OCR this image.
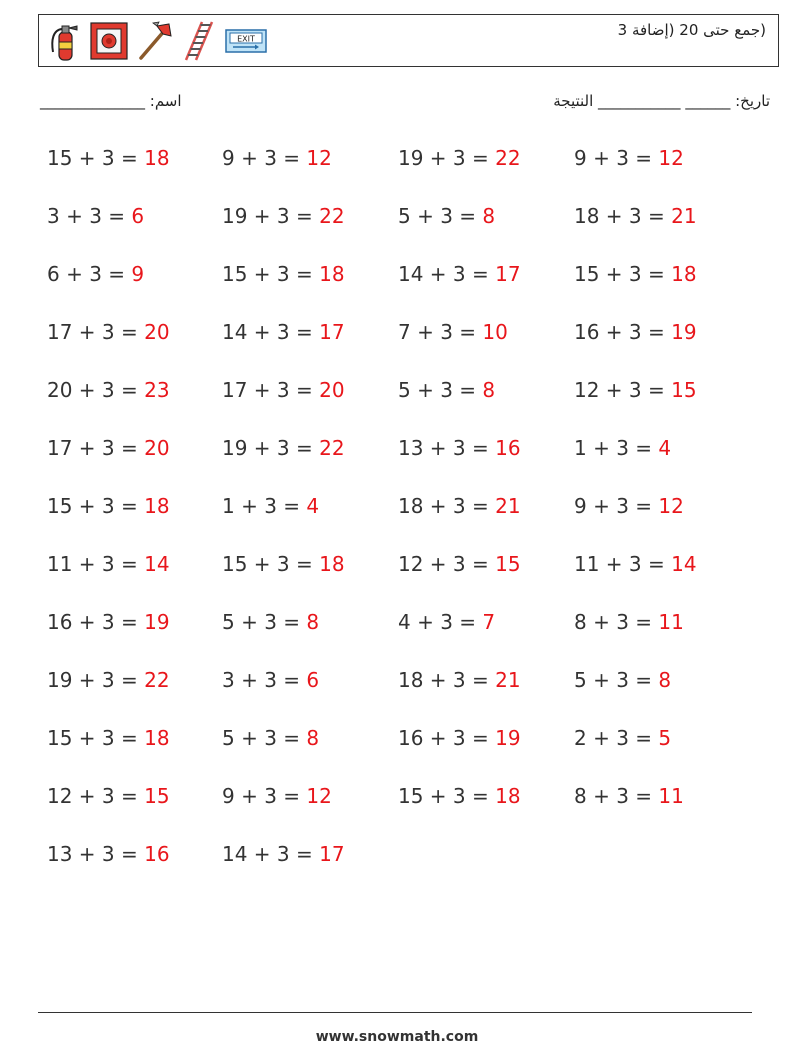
EXIT	(جمع حتى 20 (إضافة 3
اسم: ______________	تاريخ: ______ ___________ النتيجة
15 + 3 = 18
3 + 3 = 6
6 + 3 = 9
17 + 3 = 20
20 + 3 = 23
17 + 3 = 20
15 + 3 = 18
11 + 3 = 14
16 + 3 = 19
19 + 3 = 22
15 + 3 = 18
12 + 3 = 15
13 + 3 = 16
9 + 3 = 12
19 + 3 = 22
15 + 3 = 18
14 + 3 = 17
17 + 3 = 20
19 + 3 = 22
1 + 3 = 4
15 + 3 = 18
5 + 3 = 8
3 + 3 = 6
5 + 3 = 8
9 + 3 = 12
14 + 3 = 17
19 + 3 = 22
5 + 3 = 8
14 + 3 = 17
7 + 3 = 10
5 + 3 = 8
13 + 3 = 16
18 + 3 = 21
12 + 3 = 15
4 + 3 = 7
18 + 3 = 21
16 + 3 = 19
15 + 3 = 18
9 + 3 = 12
18 + 3 = 21
15 + 3 = 18
16 + 3 = 19
12 + 3 = 15
1 + 3 = 4
9 + 3 = 12
11 + 3 = 14
8 + 3 = 11
5 + 3 = 8
2 + 3 = 5
8 + 3 = 11
www.snowmath.com
